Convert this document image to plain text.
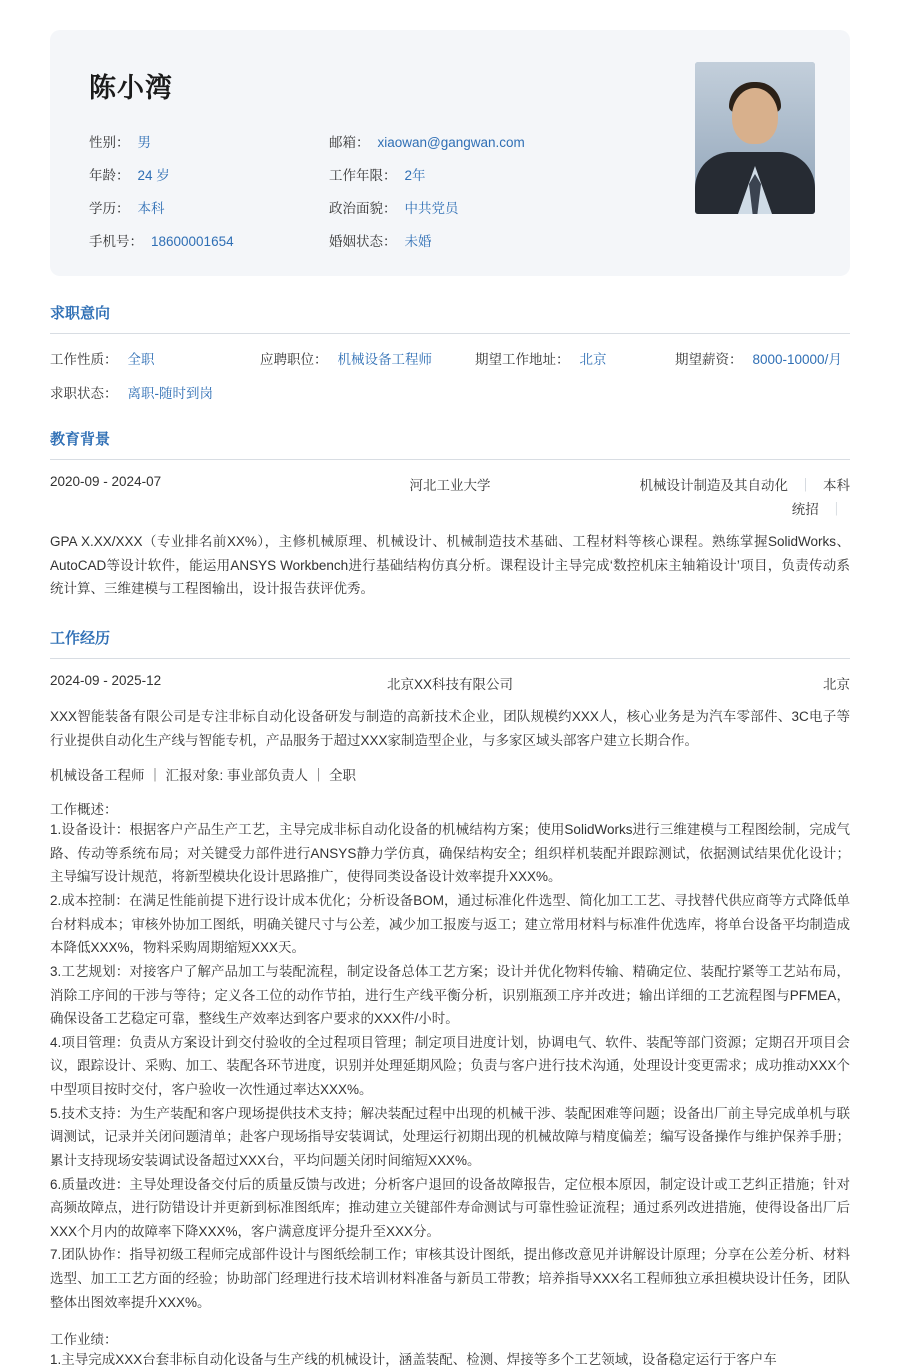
陈小湾
性别： 男	邮箱： xiaowan@gangwan.com
年龄： 24 岁	工作年限： 2年
学历： 本科	政治面貌： 中共党员
手机号： 18600001654	婚姻状态： 未婚
求职意向
工作性质： 全职	应聘职位： 机械设备工程师	期望工作地址： 北京	期望薪资： 8000-10000/月
求职状态： 离职-随时到岗
教育背景
2020-09 - 2024-07	河北工业大学	机械设计制造及其自动化 ｜ 本科
统招 ｜
GPA X.XX/XXX（专业排名前XX%），主修机械原理、机械设计、机械制造技术基础、工程材料等核心课程。熟练掌握SolidWorks、AutoCAD等设计软件，能运用ANSYS Workbench进行基础结构仿真分析。课程设计主导完成‘数控机床主轴箱设计’项目，负责传动系统计算、三维建模与工程图输出，设计报告获评优秀。
工作经历
2024-09 - 2025-12	北京XX科技有限公司	北京
XXX智能装备有限公司是专注非标自动化设备研发与制造的高新技术企业，团队规模约XXX人，核心业务是为汽车零部件、3C电子等行业提供自动化生产线与智能专机，产品服务于超过XXX家制造型企业，与多家区域头部客户建立长期合作。
机械设备工程师 ｜ 汇报对象: 事业部负责人 ｜ 全职
工作概述：
1.设备设计：根据客户产品生产工艺，主导完成非标自动化设备的机械结构方案；使用SolidWorks进行三维建模与工程图绘制，完成气路、传动等系统布局；对关键受力部件进行ANSYS静力学仿真，确保结构安全；组织样机装配并跟踪测试，依据测试结果优化设计；主导编写设计规范，将新型模块化设计思路推广，使得同类设备设计效率提升XXX%。
2.成本控制：在满足性能前提下进行设计成本优化；分析设备BOM，通过标准化件选型、简化加工工艺、寻找替代供应商等方式降低单台材料成本；审核外协加工图纸，明确关键尺寸与公差，减少加工报废与返工；建立常用材料与标准件优选库，将单台设备平均制造成本降低XXX%，物料采购周期缩短XXX天。
3.工艺规划：对接客户了解产品加工与装配流程，制定设备总体工艺方案；设计并优化物料传输、精确定位、装配拧紧等工艺站布局，消除工序间的干涉与等待；定义各工位的动作节拍，进行生产线平衡分析，识别瓶颈工序并改进；输出详细的工艺流程图与PFMEA，确保设备工艺稳定可靠，整线生产效率达到客户要求的XXX件/小时。
4.项目管理：负责从方案设计到交付验收的全过程项目管理；制定项目进度计划，协调电气、软件、装配等部门资源；定期召开项目会议，跟踪设计、采购、加工、装配各环节进度，识别并处理延期风险；负责与客户进行技术沟通，处理设计变更需求；成功推动XXX个中型项目按时交付，客户验收一次性通过率达XXX%。
5.技术支持：为生产装配和客户现场提供技术支持；解决装配过程中出现的机械干涉、装配困难等问题；设备出厂前主导完成单机与联调测试，记录并关闭问题清单；赴客户现场指导安装调试，处理运行初期出现的机械故障与精度偏差；编写设备操作与维护保养手册；累计支持现场安装调试设备超过XXX台，平均问题关闭时间缩短XXX%。
6.质量改进：主导处理设备交付后的质量反馈与改进；分析客户退回的设备故障报告，定位根本原因，制定设计或工艺纠正措施；针对高频故障点，进行防错设计并更新到标准图纸库；推动建立关键部件寿命测试与可靠性验证流程；通过系列改进措施，使得设备出厂后XXX个月内的故障率下降XXX%，客户满意度评分提升至XXX分。
7.团队协作：指导初级工程师完成部件设计与图纸绘制工作；审核其设计图纸，提出修改意见并讲解设计原理；分享在公差分析、材料选型、加工工艺方面的经验；协助部门经理进行技术培训材料准备与新员工带教；培养指导XXX名工程师独立承担模块设计任务，团队整体出图效率提升XXX%。
工作业绩：
1.主导完成XXX台套非标自动化设备与生产线的机械设计，涵盖装配、检测、焊接等多个工艺领域，设备稳定运行于客户车
